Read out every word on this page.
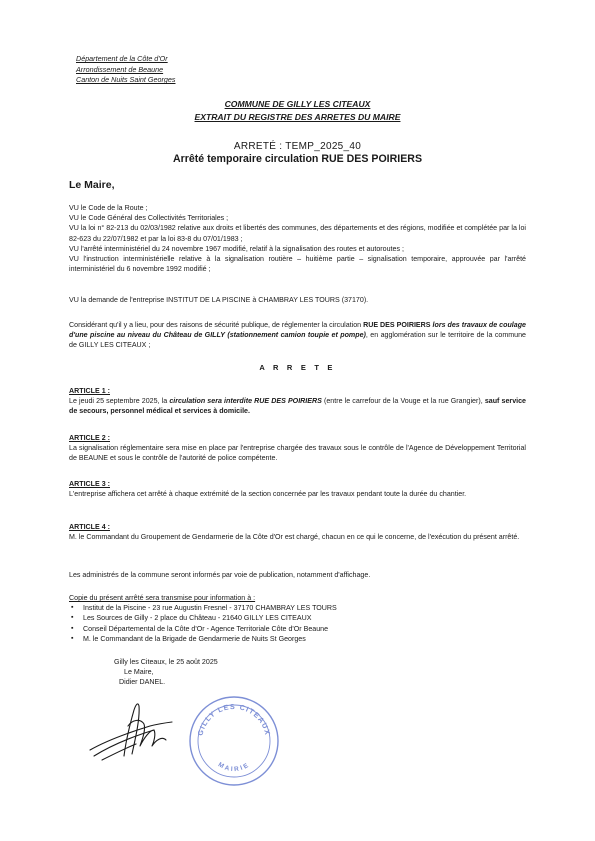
Département de la Côte d'Or
Arrondissement de Beaune
Canton de Nuits Saint Georges
COMMUNE DE GILLY LES CITEAUX
EXTRAIT DU REGISTRE DES ARRETES DU MAIRE
ARRETÉ : TEMP_2025_40
Arrêté temporaire circulation RUE DES POIRIERS
Le Maire,

VU le Code de la Route ;

VU le Code Général des Collectivités Territoriales ;

VU la loi n° 82-213 du 02/03/1982 relative aux droits et libertés des communes, des départements et des régions, modifiée et complétée par la loi 82-623 du 22/07/1982 et par la loi 83-8 du 07/01/1983 ;

VU l'arrêté interministériel du 24 novembre 1967 modifié, relatif à la signalisation des routes et autoroutes ;

VU l'instruction interministérielle relative à la signalisation routière – huitième partie – signalisation temporaire, approuvée par l'arrêté interministériel du 6 novembre 1992 modifié ;

VU la demande de l'entreprise INSTITUT DE LA PISCINE à CHAMBRAY LES TOURS (37170).
Considérant qu'il y a lieu, pour des raisons de sécurité publique, de réglementer la circulation RUE DES POIRIERS lors des travaux de coulage d'une piscine au niveau du Château de GILLY (stationnement camion toupie et pompe), en agglomération sur le territoire de la commune de GILLY LES CITEAUX ;
A R R E T E

ARTICLE 1 :

Le jeudi 25 septembre 2025, la circulation sera interdite RUE DES POIRIERS (entre le carrefour de la Vouge et la rue Grangier), sauf service de secours, personnel médical et services à domicile.

ARTICLE 2 :

La signalisation réglementaire sera mise en place par l'entreprise chargée des travaux sous le contrôle de l'Agence de Développement Territorial de BEAUNE et sous le contrôle de l'autorité de police compétente.

ARTICLE 3 :

L'entreprise affichera cet arrêté à chaque extrémité de la section concernée par les travaux pendant toute la durée du chantier.

ARTICLE 4 :

M. le Commandant du Groupement de Gendarmerie de la Côte d'Or est chargé, chacun en ce qui le concerne, de l'exécution du présent arrêté.

Les administrés de la commune seront informés par voie de publication, notamment d'affichage.

Copie du présent arrêté sera transmise pour information à :

▪ Institut de la Piscine - 23 rue Augustin Fresnel - 37170 CHAMBRAY LES TOURS
▪ Les Sources de Gilly - 2 place du Château - 21640 GILLY LES CITEAUX
▪ Conseil Départemental de la Côte d'Or - Agence Territoriale Côte d'Or Beaune
▪ M. le Commandant de la Brigade de Gendarmerie de Nuits St Georges
Gilly les Citeaux, le 25 août 2025
Le Maire,
Didier DANEL.
GILLY LES CITEAUX
MAIRIE
